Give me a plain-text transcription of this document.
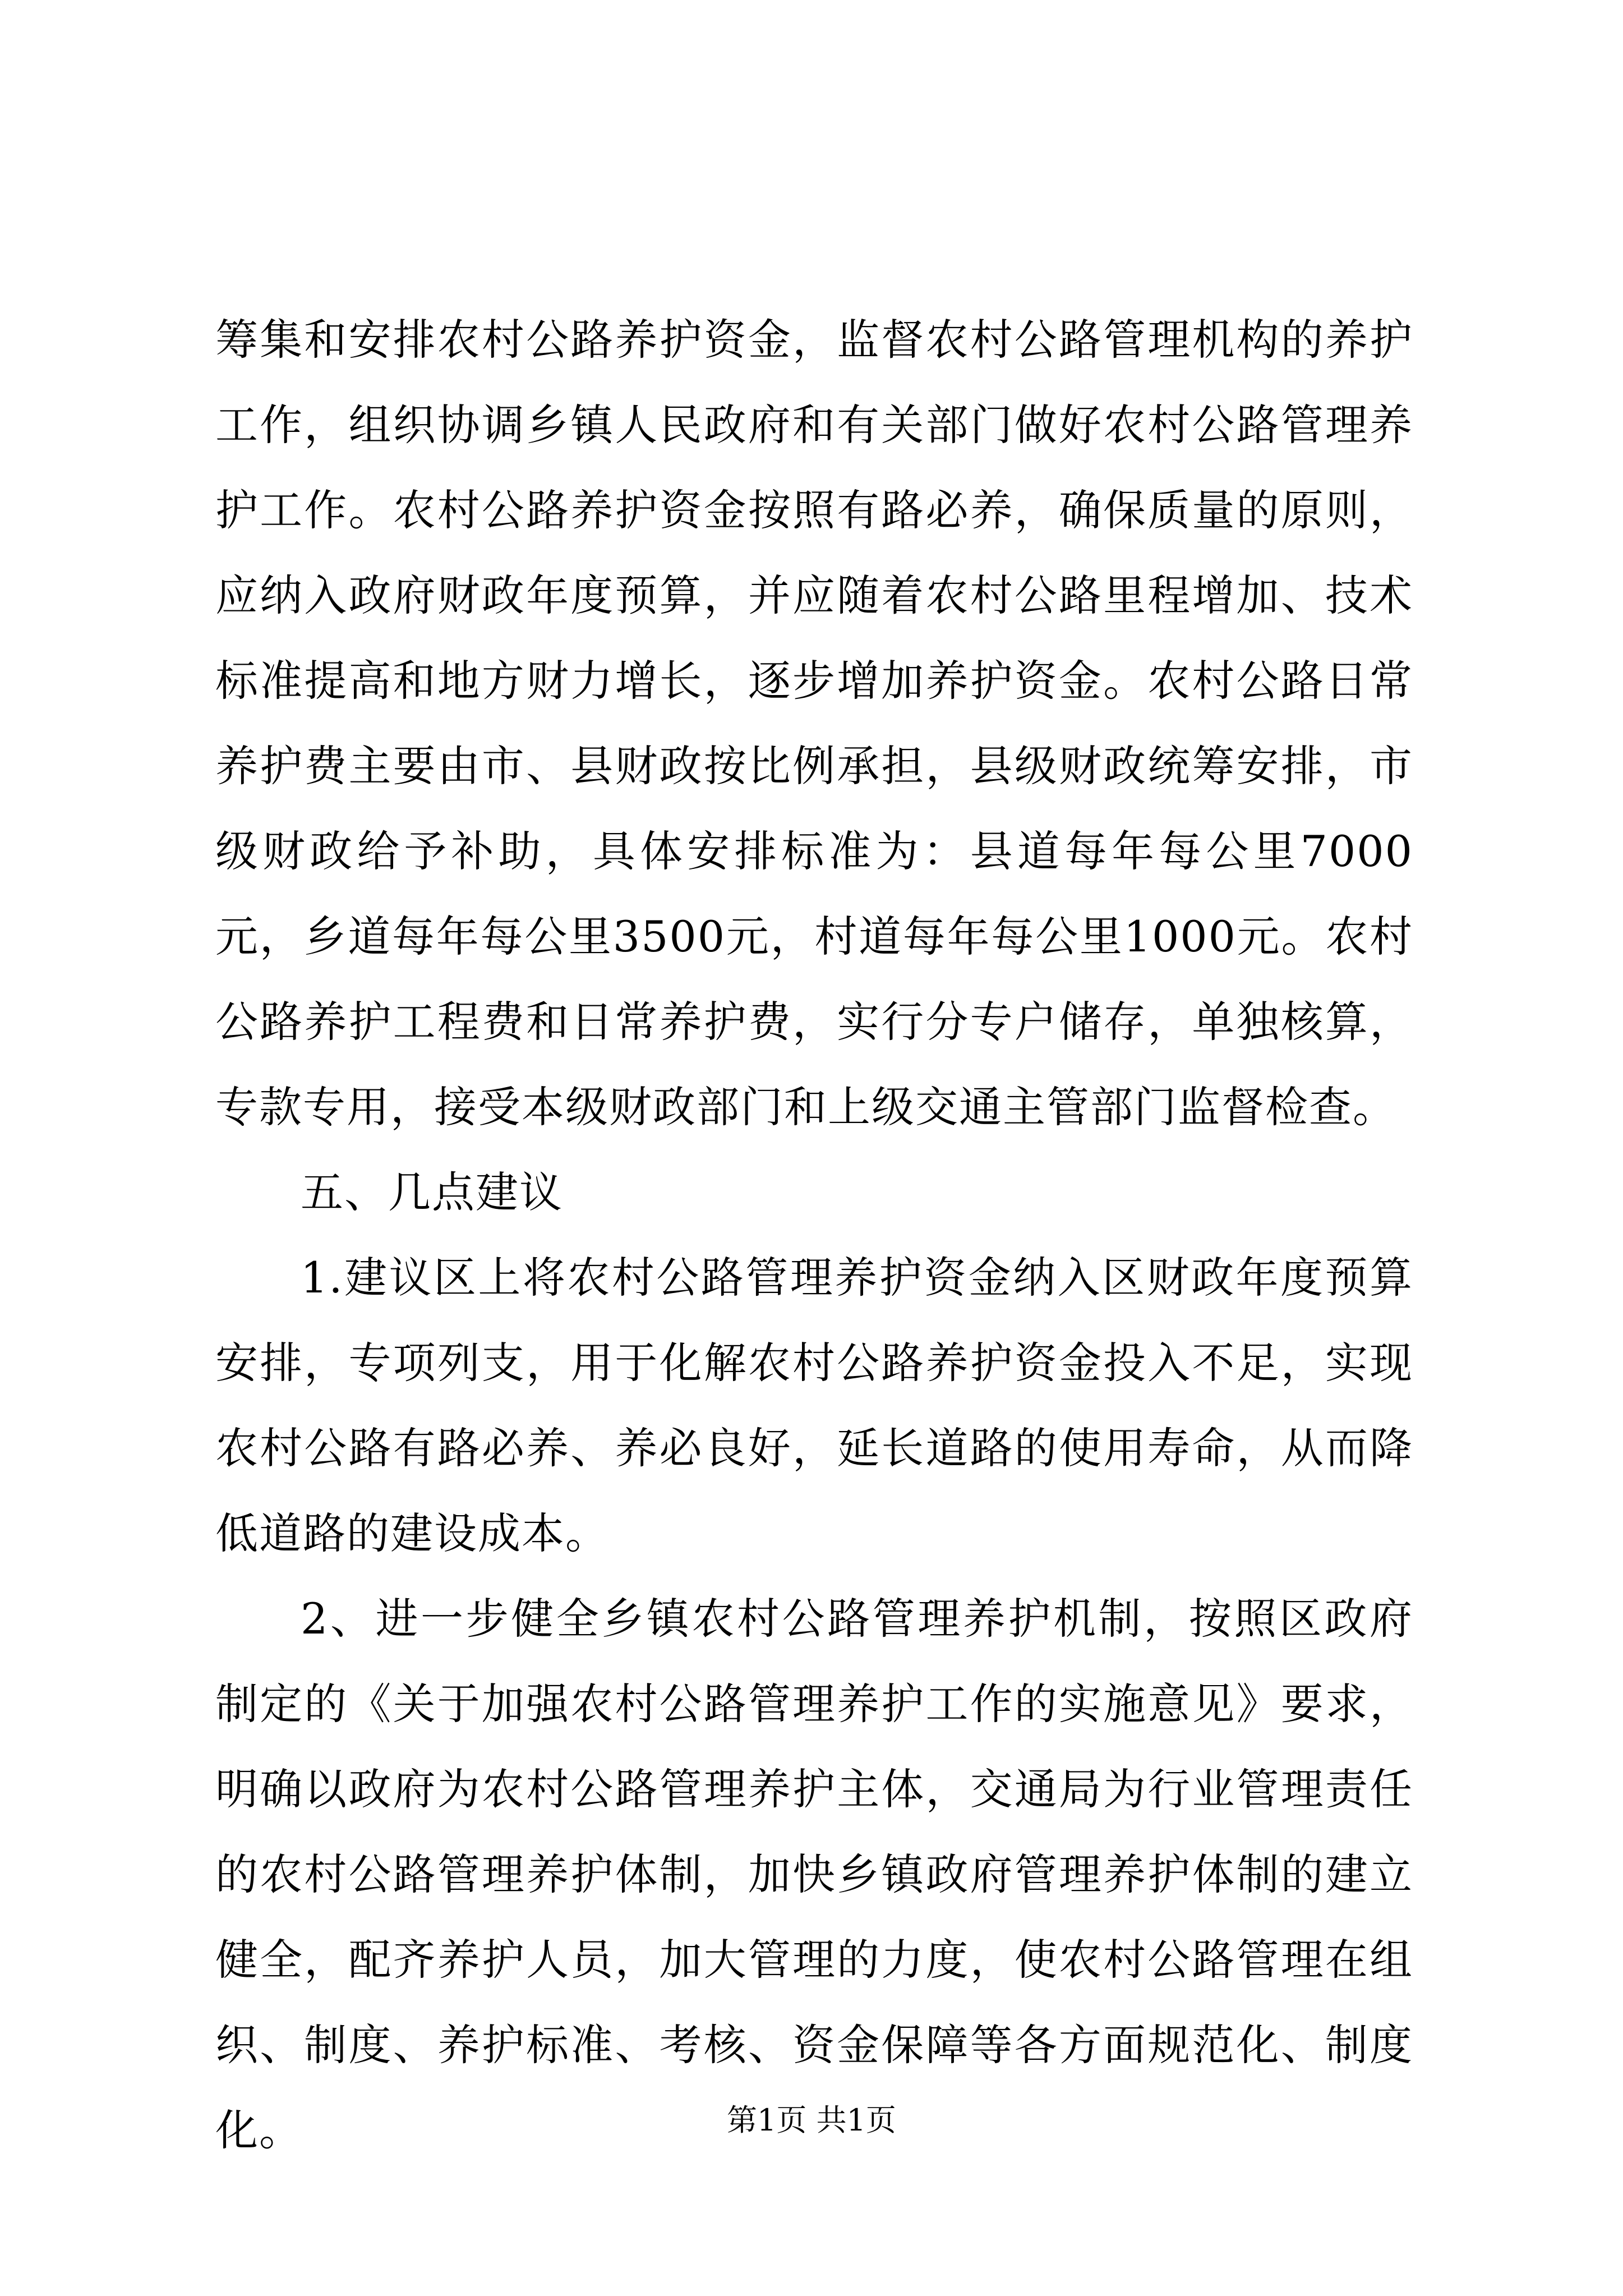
筹集和安排农村公路养护资金，监督农村公路管理机构的养护工作，组织协调乡镇人民政府和有关部门做好农村公路管理养护工作。农村公路养护资金按照有路必养，确保质量的原则，应纳入政府财政年度预算，并应随着农村公路里程增加、技术标准提高和地方财力增长，逐步增加养护资金。农村公路日常养护费主要由市、县财政按比例承担，县级财政统筹安排，市级财政给予补助，具体安排标准为：县道每年每公里7000元，乡道每年每公里3500元，村道每年每公里1000元。农村公路养护工程费和日常养护费，实行分专户储存，单独核算，专款专用，接受本级财政部门和上级交通主管部门监督检查。

五、几点建议

1.建议区上将农村公路管理养护资金纳入区财政年度预算安排，专项列支，用于化解农村公路养护资金投入不足，实现农村公路有路必养、养必良好，延长道路的使用寿命，从而降低道路的建设成本。

2、进一步健全乡镇农村公路管理养护机制，按照区政府制定的《关于加强农村公路管理养护工作的实施意见》要求，明确以政府为农村公路管理养护主体，交通局为行业管理责任的农村公路管理养护体制，加快乡镇政府管理养护体制的建立健全，配齐养护人员，加大管理的力度，使农村公路管理在组织、制度、养护标准、考核、资金保障等各方面规范化、制度化。	第1页 共1页
